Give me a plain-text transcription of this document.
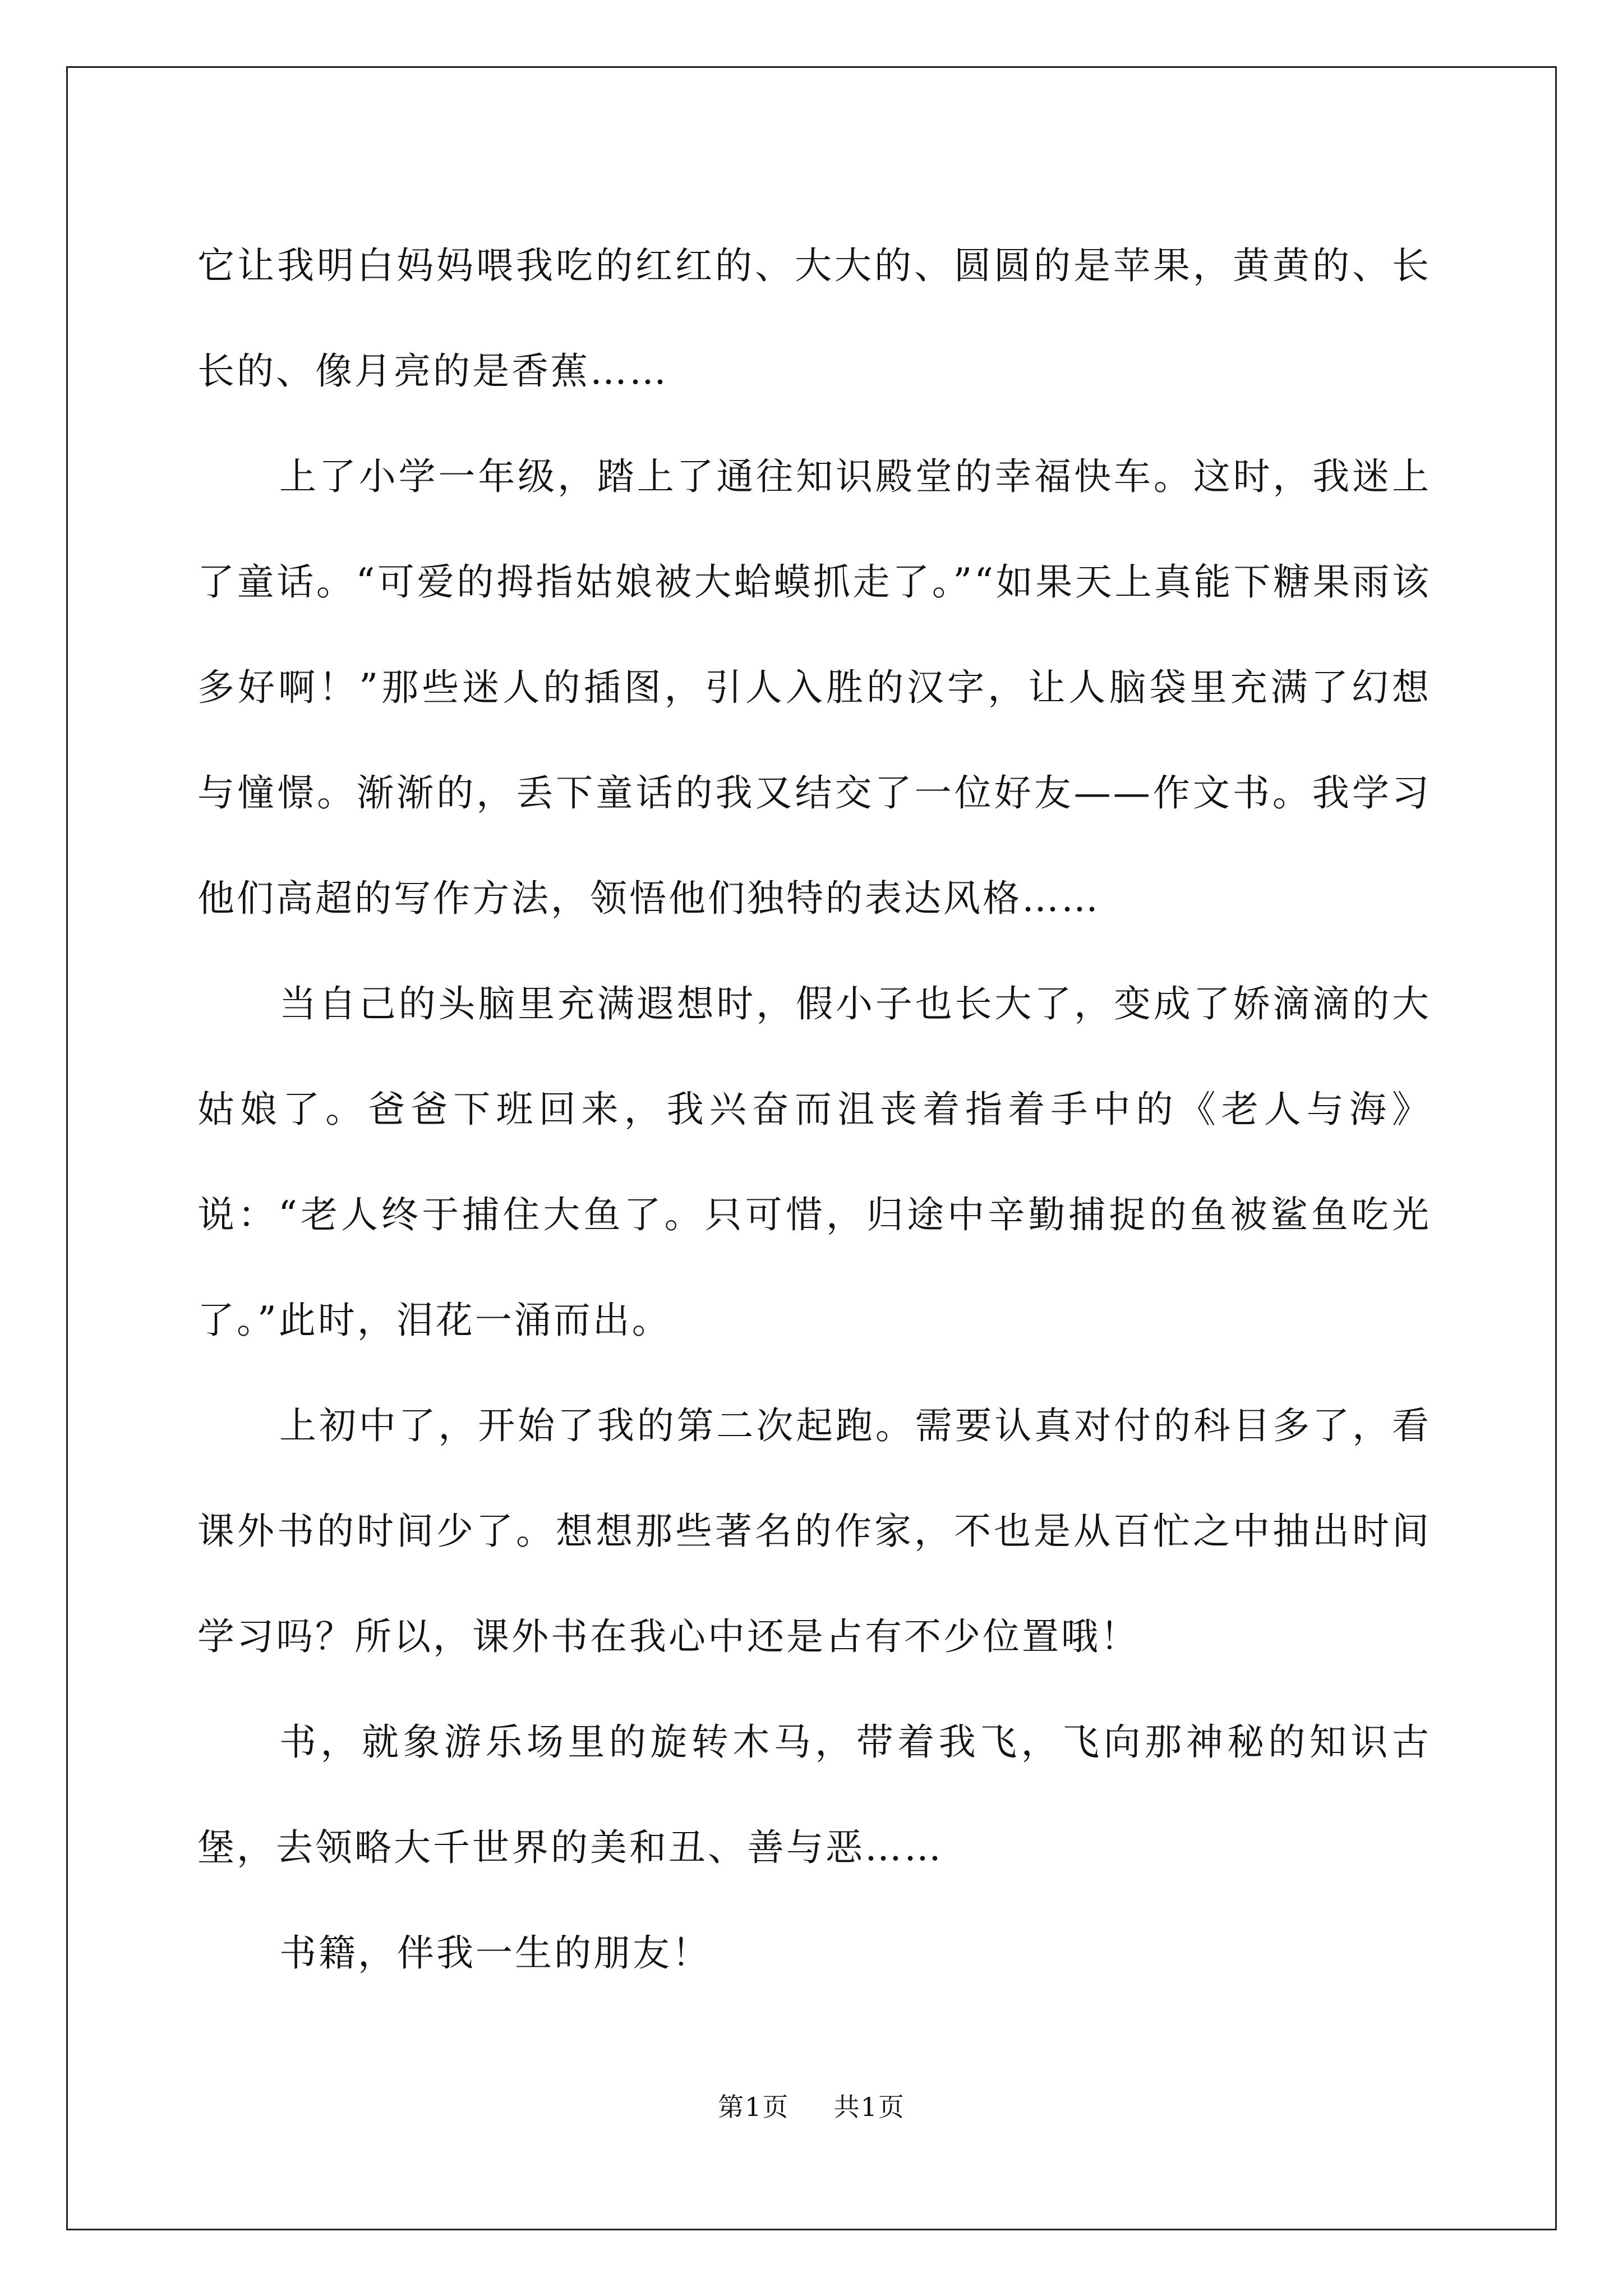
它让我明白妈妈喂我吃的红红的、大大的、圆圆的是苹果，黄黄的、长长的、像月亮的是香蕉……

上了小学一年级，踏上了通往知识殿堂的幸福快车。这时，我迷上了童话。“可爱的拇指姑娘被大蛤蟆抓走了。”“如果天上真能下糖果雨该多好啊！”那些迷人的插图，引人入胜的汉字，让人脑袋里充满了幻想与憧憬。渐渐的，丢下童话的我又结交了一位好友——作文书。我学习他们高超的写作方法，领悟他们独特的表达风格……

当自己的头脑里充满遐想时，假小子也长大了，变成了娇滴滴的大姑娘了。爸爸下班回来，我兴奋而沮丧着指着手中的《老人与海》说：“老人终于捕住大鱼了。只可惜，归途中辛勤捕捉的鱼被鲨鱼吃光了。”此时，泪花一涌而出。

上初中了，开始了我的第二次起跑。需要认真对付的科目多了，看课外书的时间少了。想想那些著名的作家，不也是从百忙之中抽出时间学习吗？所以，课外书在我心中还是占有不少位置哦！

书，就象游乐场里的旋转木马，带着我飞，飞向那神秘的知识古堡，去领略大千世界的美和丑、善与恶……

书籍，伴我一生的朋友！

第1页 共1页
